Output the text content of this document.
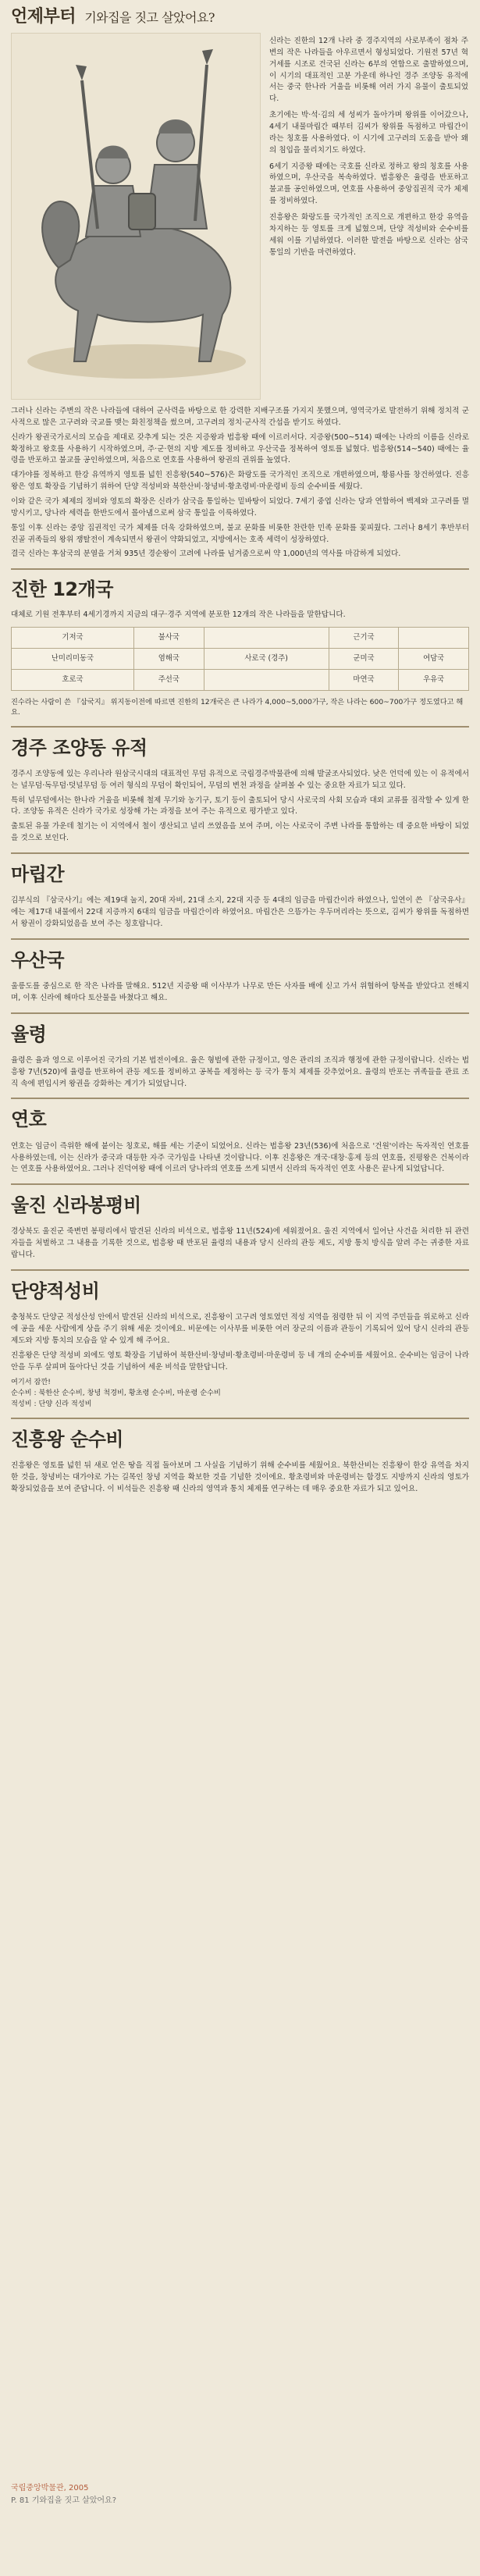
언제부터 기와집을 짓고 살았어요?

신라는 진한의 12개 나라 중 경주지역의 사로부족이 점차 주변의 작은 나라들을 아우르면서 형성되었다. 기원전 57년 혁거세를 시조로 건국된 신라는 6부의 연합으로 출발하였으며, 이 시기의 대표적인 고분 가운데 하나인 경주 조양동 유적에서는 중국 한나라 거울을 비롯해 여러 가지 유물이 출토되었다.

초기에는 박·석·김의 세 성씨가 돌아가며 왕위를 이어갔으나, 4세기 내물마립간 때부터 김씨가 왕위를 독점하고 마립간이라는 칭호를 사용하였다. 이 시기에 고구려의 도움을 받아 왜의 침입을 물리치기도 하였다.

6세기 지증왕 때에는 국호를 신라로 정하고 왕의 칭호를 사용하였으며, 우산국을 복속하였다. 법흥왕은 율령을 반포하고 불교를 공인하였으며, 연호를 사용하여 중앙집권적 국가 체제를 정비하였다.

진흥왕은 화랑도를 국가적인 조직으로 개편하고 한강 유역을 차지하는 등 영토를 크게 넓혔으며, 단양 적성비와 순수비를 세워 이를 기념하였다. 이러한 발전을 바탕으로 신라는 삼국 통일의 기반을 마련하였다.

그러나 신라는 주변의 작은 나라들에 대하여 군사력을 바탕으로 한 강력한 지배구조를 가지지 못했으며, 영역국가로 발전하기 위해 정치적 군사적으로 많은 고구려와 국교를 맺는 화친정책을 썼으며, 고구려의 정치·군사적 간섭을 받기도 하였다.

신라가 왕권국가로서의 모습을 제대로 갖추게 되는 것은 지증왕과 법흥왕 때에 이르러서다. 지증왕(500~514) 때에는 나라의 이름을 신라로 확정하고 왕호를 사용하기 시작하였으며, 주·군·현의 지방 제도를 정비하고 우산국을 정복하여 영토를 넓혔다. 법흥왕(514~540) 때에는 율령을 반포하고 불교를 공인하였으며, 처음으로 연호를 사용하여 왕권의 권위를 높였다.

대가야를 정복하고 한강 유역까지 영토를 넓힌 진흥왕(540~576)은 화랑도를 국가적인 조직으로 개편하였으며, 황룡사를 창건하였다. 진흥왕은 영토 확장을 기념하기 위하여 단양 적성비와 북한산비·창녕비·황초령비·마운령비 등의 순수비를 세웠다.

이와 같은 국가 체제의 정비와 영토의 확장은 신라가 삼국을 통일하는 밑바탕이 되었다. 7세기 중엽 신라는 당과 연합하여 백제와 고구려를 멸망시키고, 당나라 세력을 한반도에서 몰아냄으로써 삼국 통일을 이룩하였다.

통일 이후 신라는 중앙 집권적인 국가 체제를 더욱 강화하였으며, 불교 문화를 비롯한 찬란한 민족 문화를 꽃피웠다. 그러나 8세기 후반부터 진골 귀족들의 왕위 쟁탈전이 계속되면서 왕권이 약화되었고, 지방에서는 호족 세력이 성장하였다.

결국 신라는 후삼국의 분열을 거쳐 935년 경순왕이 고려에 나라를 넘겨줌으로써 약 1,000년의 역사를 마감하게 되었다.

진한 12개국

대체로 기원 전후부터 4세기경까지 지금의 대구·경주 지역에 분포한 12개의 작은 나라들을 말한답니다.

기저국	불사국		근기국	
난미리미동국	염해국	사로국 (경주)	군미국	여담국
호로국	주선국		마연국	우유국

진수라는 사람이 쓴 『삼국지』 위지동이전에 따르면 진한의 12개국은 큰 나라가 4,000~5,000가구, 작은 나라는 600~700가구 정도였다고 해요.

경주 조양동 유적

경주시 조양동에 있는 우리나라 원삼국시대의 대표적인 무덤 유적으로 국립경주박물관에 의해 발굴조사되었다. 낮은 언덕에 있는 이 유적에서는 널무덤·독무덤·덧널무덤 등 여러 형식의 무덤이 확인되어, 무덤의 변천 과정을 살펴볼 수 있는 중요한 자료가 되고 있다.

특히 널무덤에서는 한나라 거울을 비롯해 철제 무기와 농기구, 토기 등이 출토되어 당시 사로국의 사회 모습과 대외 교류를 짐작할 수 있게 한다. 조양동 유적은 신라가 국가로 성장해 가는 과정을 보여 주는 유적으로 평가받고 있다.

출토된 유물 가운데 철기는 이 지역에서 철이 생산되고 널리 쓰였음을 보여 주며, 이는 사로국이 주변 나라를 통합하는 데 중요한 바탕이 되었을 것으로 보인다.

마립간

김부식의 『삼국사기』에는 제19대 눌지, 20대 자비, 21대 소지, 22대 지증 등 4대의 임금을 마립간이라 하였으나, 일연이 쓴 『삼국유사』에는 제17대 내물에서 22대 지증까지 6대의 임금을 마립간이라 하였어요. 마립간은 으뜸가는 우두머리라는 뜻으로, 김씨가 왕위를 독점하면서 왕권이 강화되었음을 보여 주는 칭호랍니다.

우산국

울릉도를 중심으로 한 작은 나라를 말해요. 512년 지증왕 때 이사부가 나무로 만든 사자를 배에 싣고 가서 위협하여 항복을 받았다고 전해지며, 이후 신라에 해마다 토산물을 바쳤다고 해요.

율령

율령은 율과 영으로 이루어진 국가의 기본 법전이에요. 율은 형벌에 관한 규정이고, 영은 관리의 조직과 행정에 관한 규정이랍니다. 신라는 법흥왕 7년(520)에 율령을 반포하여 관등 제도를 정비하고 공복을 제정하는 등 국가 통치 체제를 갖추었어요. 율령의 반포는 귀족들을 관료 조직 속에 편입시켜 왕권을 강화하는 계기가 되었답니다.

연호

연호는 임금이 즉위한 해에 붙이는 칭호로, 해를 세는 기준이 되었어요. 신라는 법흥왕 23년(536)에 처음으로 '건원'이라는 독자적인 연호를 사용하였는데, 이는 신라가 중국과 대등한 자주 국가임을 나타낸 것이랍니다. 이후 진흥왕은 개국·대창·홍제 등의 연호를, 진평왕은 건복이라는 연호를 사용하였어요. 그러나 진덕여왕 때에 이르러 당나라의 연호를 쓰게 되면서 신라의 독자적인 연호 사용은 끝나게 되었답니다.

울진 신라봉평비

경상북도 울진군 죽변면 봉평리에서 발견된 신라의 비석으로, 법흥왕 11년(524)에 세워졌어요. 울진 지역에서 일어난 사건을 처리한 뒤 관련자들을 처벌하고 그 내용을 기록한 것으로, 법흥왕 때 반포된 율령의 내용과 당시 신라의 관등 제도, 지방 통치 방식을 알려 주는 귀중한 자료랍니다.

단양적성비

충청북도 단양군 적성산성 안에서 발견된 신라의 비석으로, 진흥왕이 고구려 영토였던 적성 지역을 점령한 뒤 이 지역 주민들을 위로하고 신라에 공을 세운 사람에게 상을 주기 위해 세운 것이에요. 비문에는 이사부를 비롯한 여러 장군의 이름과 관등이 기록되어 있어 당시 신라의 관등 제도와 지방 통치의 모습을 알 수 있게 해 주어요.

진흥왕은 단양 적성비 외에도 영토 확장을 기념하여 북한산비·창녕비·황초령비·마운령비 등 네 개의 순수비를 세웠어요. 순수비는 임금이 나라 안을 두루 살피며 돌아다닌 것을 기념하여 세운 비석을 말한답니다.

여기서 잠깐!
순수비 : 북한산 순수비, 창녕 척경비, 황초령 순수비, 마운령 순수비
적성비 : 단양 신라 적성비
진흥왕 순수비

진흥왕은 영토를 넓힌 뒤 새로 얻은 땅을 직접 돌아보며 그 사실을 기념하기 위해 순수비를 세웠어요. 북한산비는 진흥왕이 한강 유역을 차지한 것을, 창녕비는 대가야로 가는 길목인 창녕 지역을 확보한 것을 기념한 것이에요. 황초령비와 마운령비는 함경도 지방까지 신라의 영토가 확장되었음을 보여 준답니다. 이 비석들은 진흥왕 때 신라의 영역과 통치 체제를 연구하는 데 매우 중요한 자료가 되고 있어요.

국립중앙박물관, 2005
P. 81 기와집을 짓고 살았어요?
